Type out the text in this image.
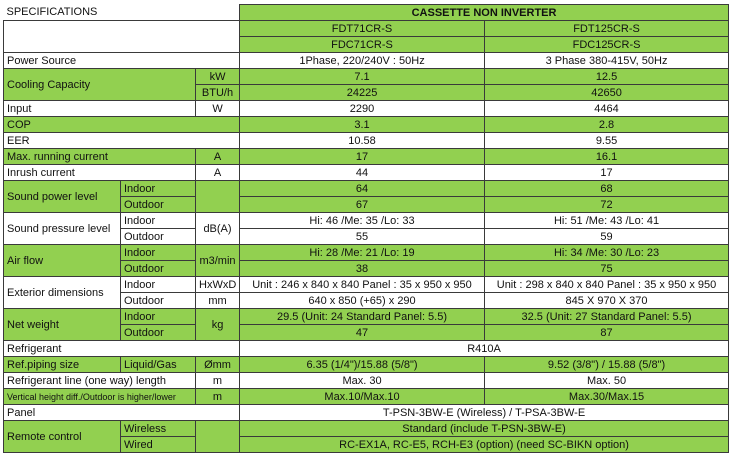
SPECIFICATIONS			CASSETTE NON INVERTER	
			FDT71CR-S	FDT125CR-S
			FDC71CR-S	FDC125CR-S
Power Source			1Phase, 220/240V : 50Hz	3 Phase 380-415V, 50Hz
Cooling Capacity		kW	7.1	12.5
		BTU/h	24225	42650
Input		W	2290	4464
COP			3.1	2.8
EER			10.58	9.55
Max. running current		A	17	16.1
Inrush current		A	44	17
Sound power level	Indoor		64	68
	Outdoor		67	72
Sound pressure level	Indoor	dB(A)	Hi: 46 /Me: 35 /Lo: 33	Hi: 51 /Me: 43 /Lo: 41
	Outdoor		55	59
Air flow	Indoor	m3/min	Hi: 28 /Me: 21 /Lo: 19	Hi: 34 /Me: 30 /Lo: 23
	Outdoor		38	75
Exterior dimensions	Indoor	HxWxD	Unit : 246 x 840 x 840 Panel : 35 x 950 x 950	Unit : 298 x 840 x 840 Panel : 35 x 950 x 950
	Outdoor	mm	640 x 850 (+65) x 290	845 X 970 X 370
Net weight	Indoor	kg	29.5 (Unit: 24 Standard Panel: 5.5)	32.5 (Unit: 27 Standard Panel: 5.5)
	Outdoor		47	87
Refrigerant			R410A	
Ref.piping size	Liquid/Gas	Ømm	6.35 (1/4")/15.88 (5/8")	9.52 (3/8") / 15.88 (5/8")
Refrigerant line (one way) length		m	Max. 30	Max. 50
Vertical height diff./Outdoor is higher/lower		m	Max.10/Max.10	Max.30/Max.15
Panel			T-PSN-3BW-E (Wireless) / T-PSA-3BW-E	
Remote control	Wireless		Standard (include T-PSN-3BW-E)	
	Wired		RC-EX1A, RC-E5, RCH-E3 (option) (need SC-BIKN option)	
